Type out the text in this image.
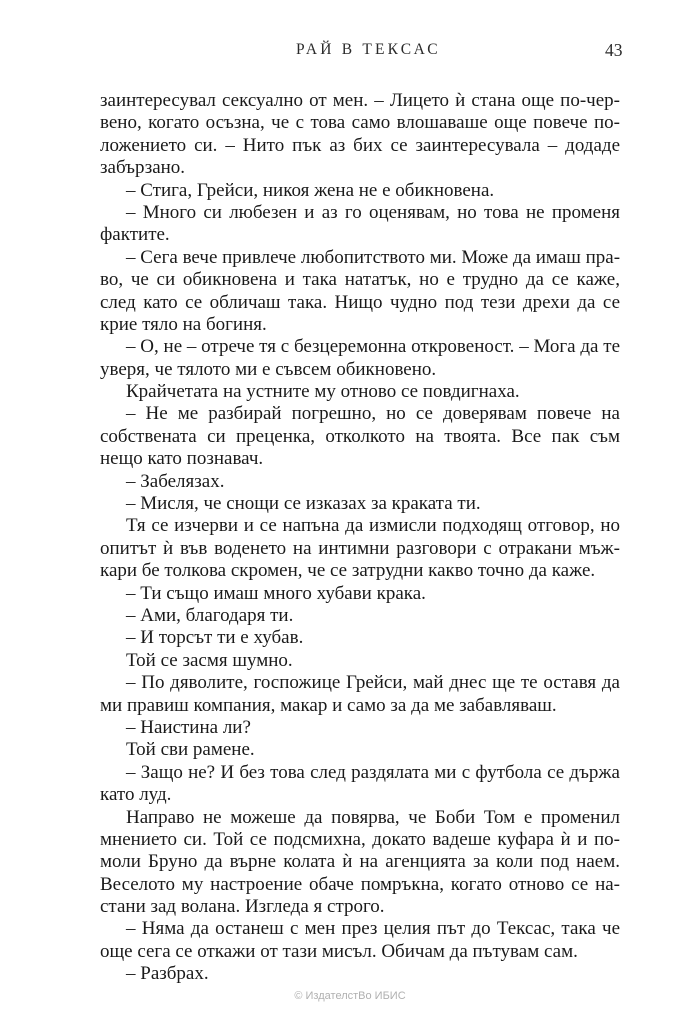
РАЙ В ТЕКСАС	43
заинтересувал сексуално от мен. – Лицето ѝ стана още по-чер-
вено, когато осъзна, че с това само влошаваше още повече по-
ложението си. – Нито пък аз бих се заинтересувала – додаде
забързано.
– Стига, Грейси, никоя жена не е обикновена.
– Много си любезен и аз го оценявам, но това не променя
фактите.
– Сега вече привлече любопитството ми. Може да имаш пра-
во, че си обикновена и така нататък, но е трудно да се каже,
след като се обличаш така. Нищо чудно под тези дрехи да се
крие тяло на богиня.
– О, не – отрече тя с безцеремонна откровеност. – Мога да те
уверя, че тялото ми е съвсем обикновено.
Крайчетата на устните му отново се повдигнаха.
– Не ме разбирай погрешно, но се доверявам повече на
собствената си преценка, отколкото на твоята. Все пак съм
нещо като познавач.
– Забелязах.
– Мисля, че снощи се изказах за краката ти.
Тя се изчерви и се напъна да измисли подходящ отговор, но
опитът ѝ във воденето на интимни разговори с отракани мъж-
кари бе толкова скромен, че се затрудни какво точно да каже.
– Ти също имаш много хубави крака.
– Ами, благодаря ти.
– И торсът ти е хубав.
Той се засмя шумно.
– По дяволите, госпожице Грейси, май днес ще те оставя да
ми правиш компания, макар и само за да ме забавляваш.
– Наистина ли?
Той сви рамене.
– Защо не? И без това след раздялата ми с футбола се държа
като луд.
Направо не можеше да повярва, че Боби Том е променил
мнението си. Той се подсмихна, докато вадеше куфара ѝ и по-
моли Бруно да върне колата ѝ на агенцията за коли под наем.
Веселото му настроение обаче помръкна, когато отново се на-
стани зад волана. Изгледа я строго.
– Няма да останеш с мен през целия път до Тексас, така че
още сега се откажи от тази мисъл. Обичам да пътувам сам.
– Разбрах.
© ИздателстВо ИБИС
